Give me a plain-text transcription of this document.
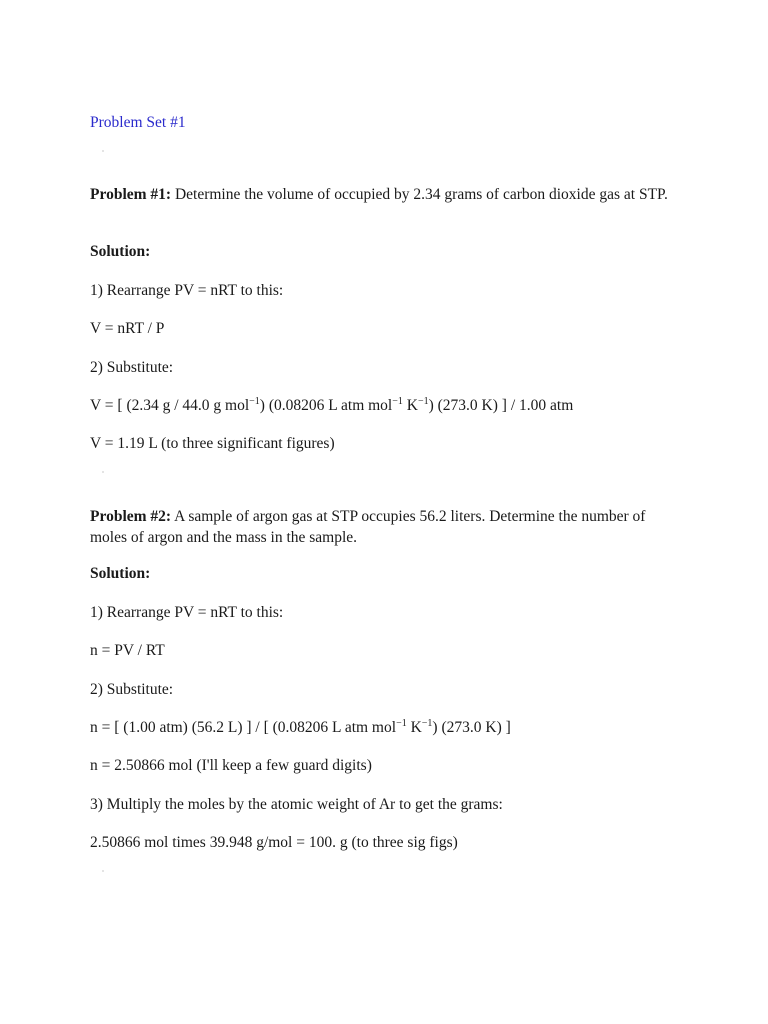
Problem Set #1
Problem #1: Determine the volume of occupied by 2.34 grams of carbon dioxide gas at STP.
Solution:
1) Rearrange PV = nRT to this:
V = nRT / P
2) Substitute:
V = [ (2.34 g / 44.0 g mol$^{-1}$) (0.08206 L atm mol$^{-1}$ $K^{-1}$) (273.0 K) ] / 1.00 atm
V = 1.19 L (to three significant figures)
Problem #2: A sample of argon gas at STP occupies 56.2 liters. Determine the number of moles of argon and the mass in the sample.
Solution:
1) Rearrange PV = nRT to this:
n = PV / RT
2) Substitute:
n = [ (1.00 atm) (56.2 L) ] / [ (0.08206 L atm mol$^{-1}$ $K^{-1}$) (273.0 K) ]
n = 2.50866 mol (I'll keep a few guard digits)
3) Multiply the moles by the atomic weight of Ar to get the grams:
2.50866 mol times 39.948 g/mol = 100. g (to three sig figs)
